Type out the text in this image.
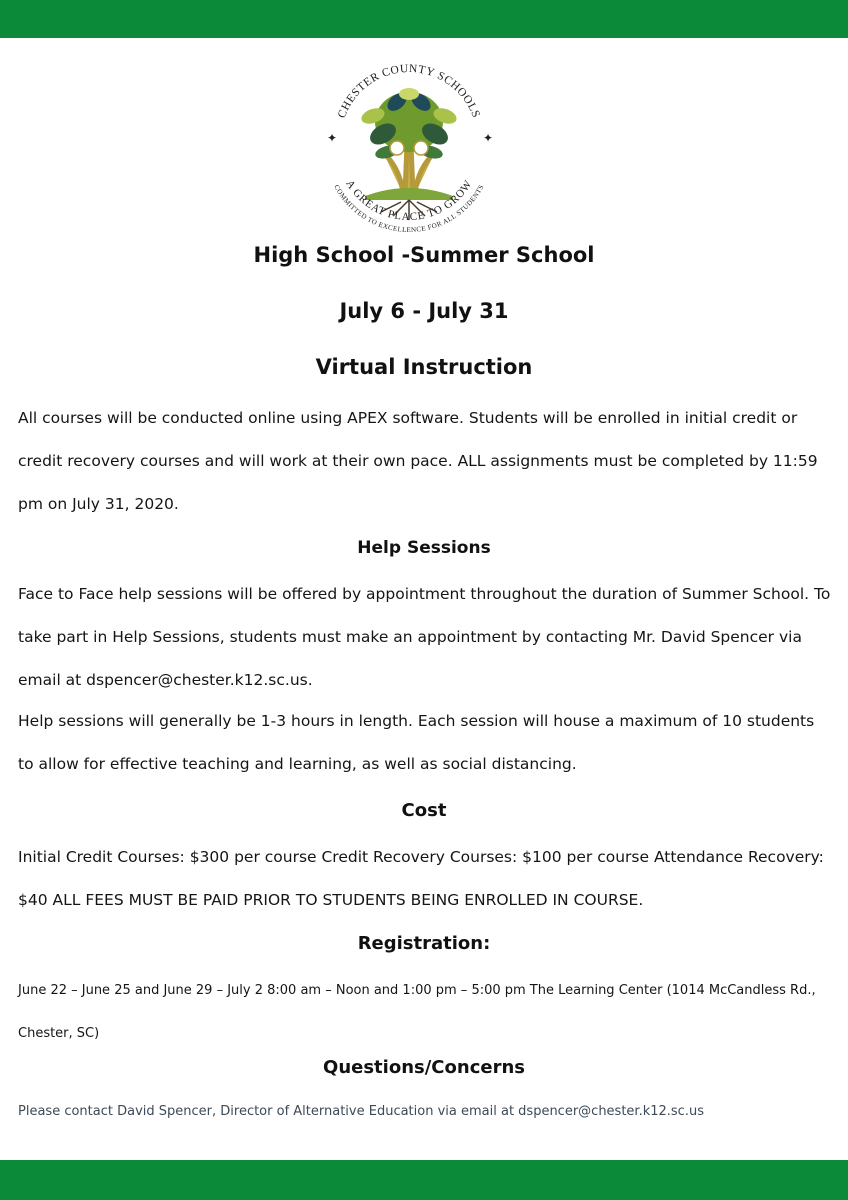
✦	✦
CHESTER COUNTY SCHOOLS
A GREAT PLACE TO GROW
COMMITTED TO EXCELLENCE FOR ALL STUDENTS
High School -Summer School
July 6 - July 31
Virtual Instruction

All courses will be conducted online using APEX software. Students will be enrolled in initial credit or credit recovery courses and will work at their own pace. ALL assignments must be completed by 11:59 pm on July 31, 2020.

Help Sessions

Face to Face help sessions will be offered by appointment throughout the duration of Summer School. To take part in Help Sessions, students must make an appointment by contacting Mr. David Spencer via email at dspencer@chester.k12.sc.us.

Help sessions will generally be 1-3 hours in length. Each session will house a maximum of 10 students to allow for effective teaching and learning, as well as social distancing.

Cost

Initial Credit Courses: $300 per course Credit Recovery Courses: $100 per course Attendance Recovery: $40 ALL FEES MUST BE PAID PRIOR TO STUDENTS BEING ENROLLED IN COURSE.

Registration:

June 22 – June 25 and June 29 – July 2 8:00 am – Noon and 1:00 pm – 5:00 pm The Learning Center (1014 McCandless Rd., Chester, SC)

Questions/Concerns

Please contact David Spencer, Director of Alternative Education via email at dspencer@chester.k12.sc.us
